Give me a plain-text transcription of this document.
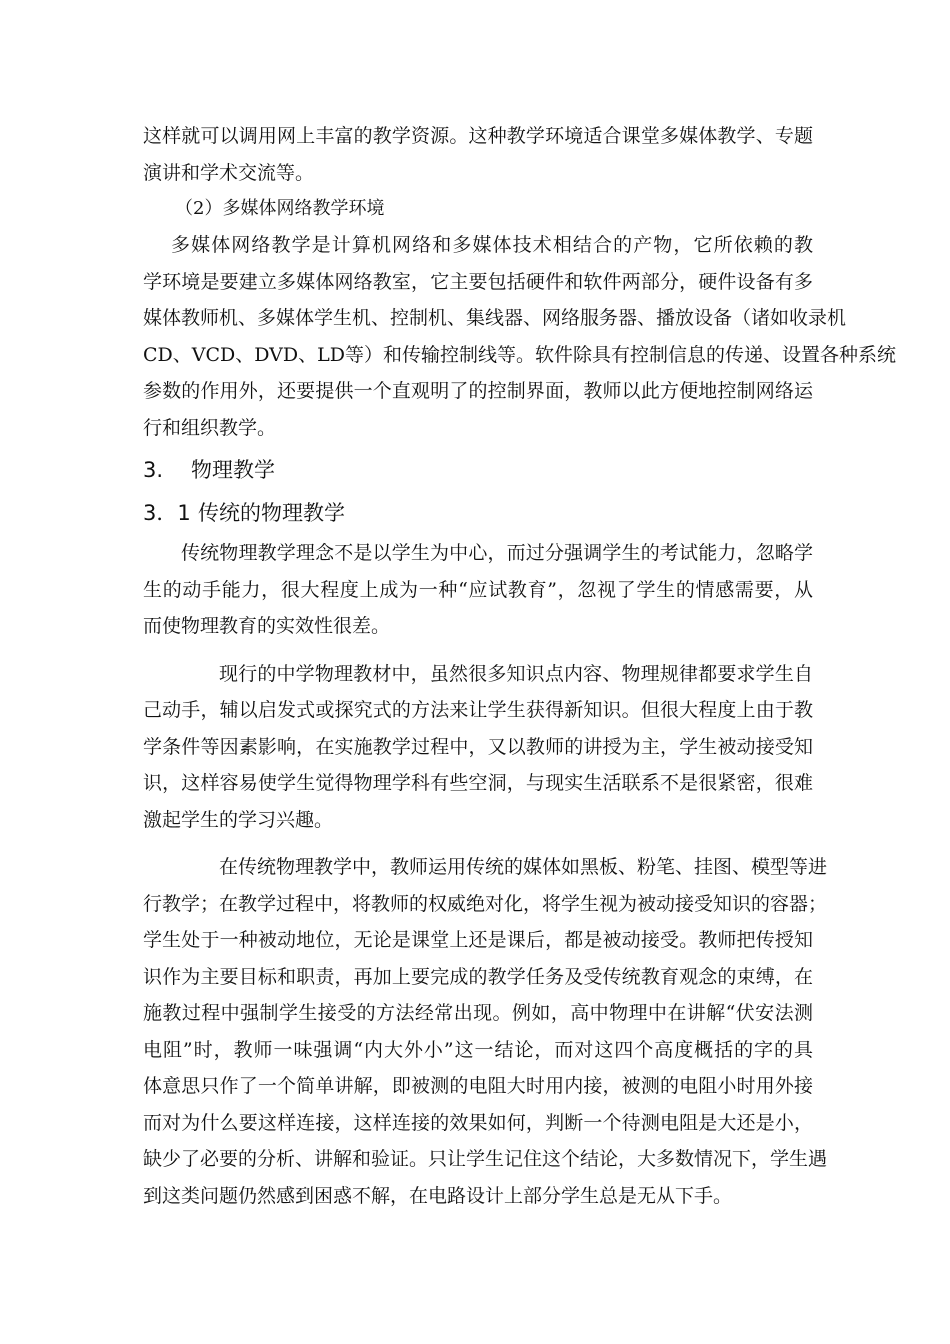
这样就可以调用网上丰富的教学资源。这种教学环境适合课堂多媒体教学、专题
演讲和学术交流等。
（2）多媒体网络教学环境
多媒体网络教学是计算机网络和多媒体技术相结合的产物，它所依赖的教
学环境是要建立多媒体网络教室，它主要包括硬件和软件两部分，硬件设备有多
媒体教师机、多媒体学生机、控制机、集线器、网络服务器、播放设备（诸如收录机
CD、VCD、DVD、LD等）和传输控制线等。软件除具有控制信息的传递、设置各种系统
参数的作用外，还要提供一个直观明了的控制界面，教师以此方便地控制网络运
行和组织教学。
3. 物理教学
3．1 传统的物理教学
传统物理教学理念不是以学生为中心，而过分强调学生的考试能力，忽略学
生的动手能力，很大程度上成为一种“应试教育”，忽视了学生的情感需要，从
而使物理教育的实效性很差。
现行的中学物理教材中，虽然很多知识点内容、物理规律都要求学生自
己动手，辅以启发式或探究式的方法来让学生获得新知识。但很大程度上由于教
学条件等因素影响，在实施教学过程中，又以教师的讲授为主，学生被动接受知
识，这样容易使学生觉得物理学科有些空洞，与现实生活联系不是很紧密，很难
激起学生的学习兴趣。
在传统物理教学中，教师运用传统的媒体如黑板、粉笔、挂图、模型等进
行教学；在教学过程中，将教师的权威绝对化，将学生视为被动接受知识的容器；
学生处于一种被动地位，无论是课堂上还是课后，都是被动接受。教师把传授知
识作为主要目标和职责，再加上要完成的教学任务及受传统教育观念的束缚，在
施教过程中强制学生接受的方法经常出现。例如，高中物理中在讲解“伏安法测
电阻”时，教师一味强调“内大外小”这一结论，而对这四个高度概括的字的具
体意思只作了一个简单讲解，即被测的电阻大时用内接，被测的电阻小时用外接
而对为什么要这样连接，这样连接的效果如何，判断一个待测电阻是大还是小，
缺少了必要的分析、讲解和验证。只让学生记住这个结论，大多数情况下，学生遇
到这类问题仍然感到困惑不解，在电路设计上部分学生总是无从下手。
